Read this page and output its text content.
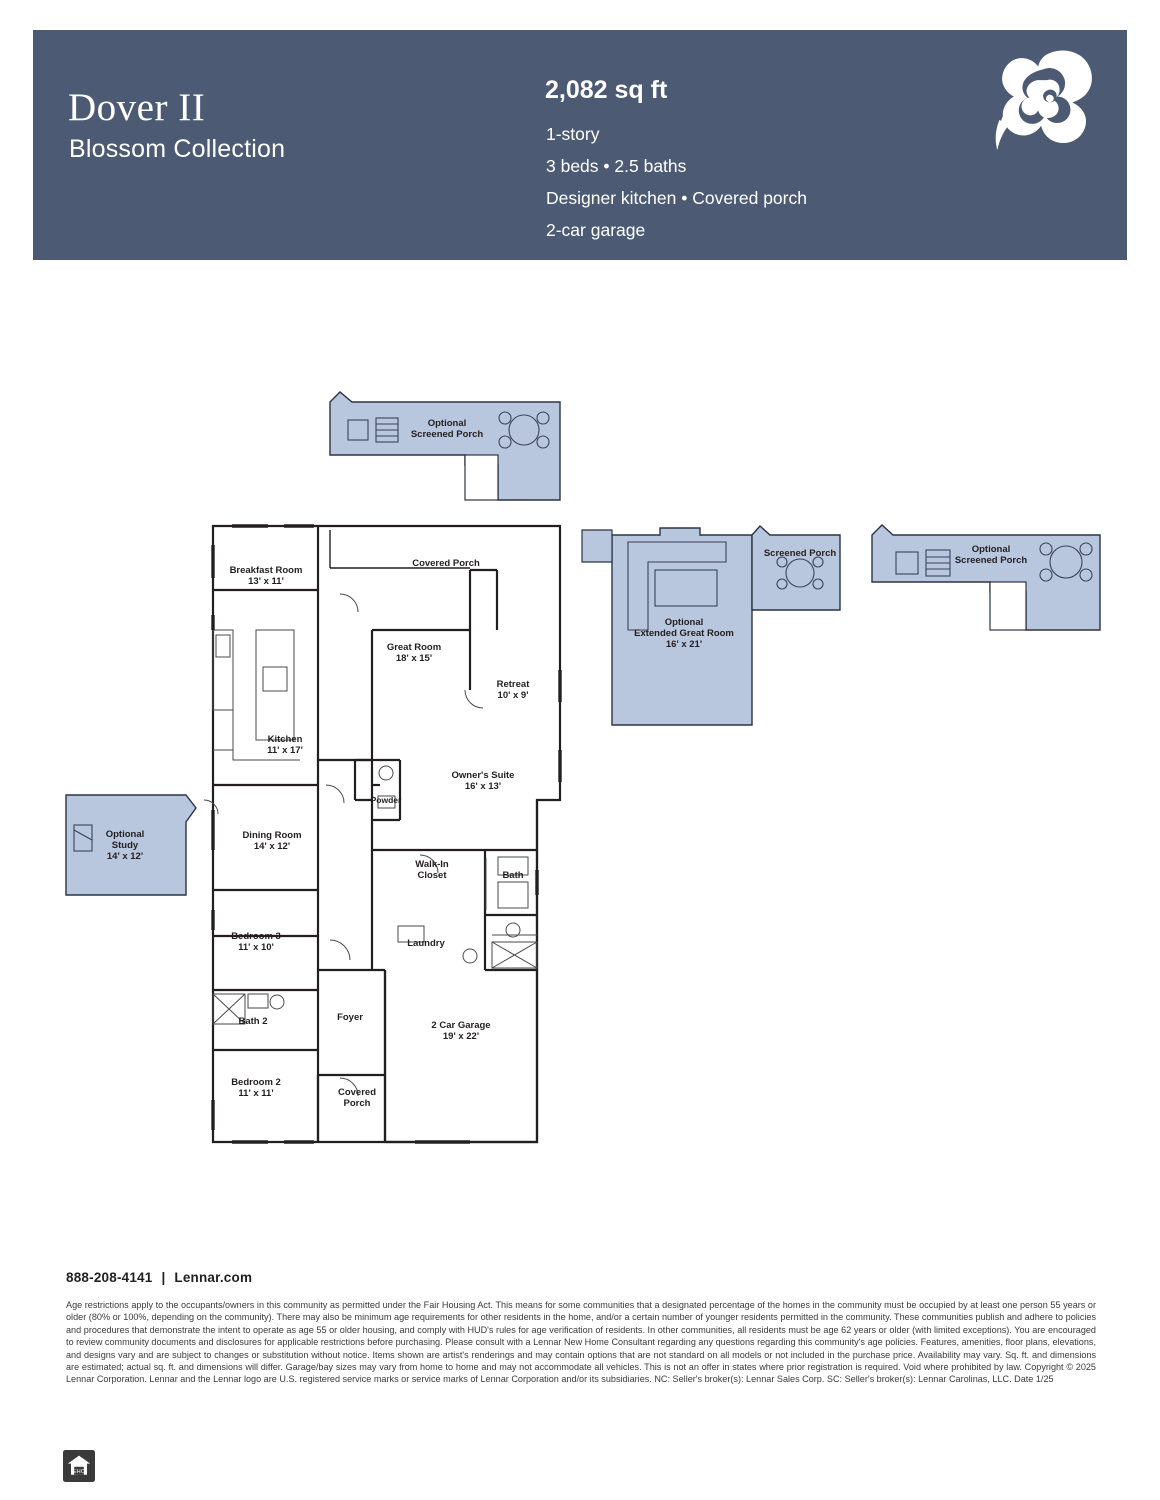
Dover II
Blossom Collection
2,082 sq ft
1-story
3 beds • 2.5 baths
Designer kitchen • Covered porch
2-car garage
Optional
Screened Porch
Breakfast Room
13' x 11'
Covered Porch
Great Room
18' x 15'
Retreat
10' x 9'
Kitchen
11' x 17'
Powder
Owner's Suite
16' x 13'
Dining Room
14' x 12'
Walk-In
Closet	Bath
Bedroom 3
11' x 10'	Laundry
Bath 2	Foyer
2 Car Garage
19' x 22'
Bedroom 2
11' x 11'	Covered
Porch
Optional
Study
14' x 12'
Optional
Extended Great Room
16' x 21'
Screened Porch	Optional
Screened Porch
888-208-4141 | Lennar.com
Age restrictions apply to the occupants/owners in this community as permitted under the Fair Housing Act. This means for some communities that a designated percentage of the homes in the community must be occupied by at least one person 55 years or older (80% or 100%, depending on the community). There may also be minimum age requirements for other residents in the home, and/or a certain number of younger residents permitted in the community. These communities publish and adhere to policies and procedures that demonstrate the intent to operate as age 55 or older housing, and comply with HUD's rules for age verification of residents. In other communities, all residents must be age 62 years or older (with limited exceptions). You are encouraged to review community documents and disclosures for applicable restrictions before purchasing. Please consult with a Lennar New Home Consultant regarding any questions regarding this community's age policies. Features, amenities, floor plans, elevations, and designs vary and are subject to changes or substitution without notice. Items shown are artist's renderings and may contain options that are not standard on all models or not included in the purchase price. Availability may vary. Sq. ft. and dimensions are estimated; actual sq. ft. and dimensions will differ. Garage/bay sizes may vary from home to home and may not accommodate all vehicles. This is not an offer in states where prior registration is required. Void where prohibited by law. Copyright © 2025 Lennar Corporation. Lennar and the Lennar logo are U.S. registered service marks or service marks of Lennar Corporation and/or its subsidiaries. NC: Seller's broker(s): Lennar Sales Corp. SC: Seller's broker(s): Lennar Carolinas, LLC. Date 1/25
EHO
